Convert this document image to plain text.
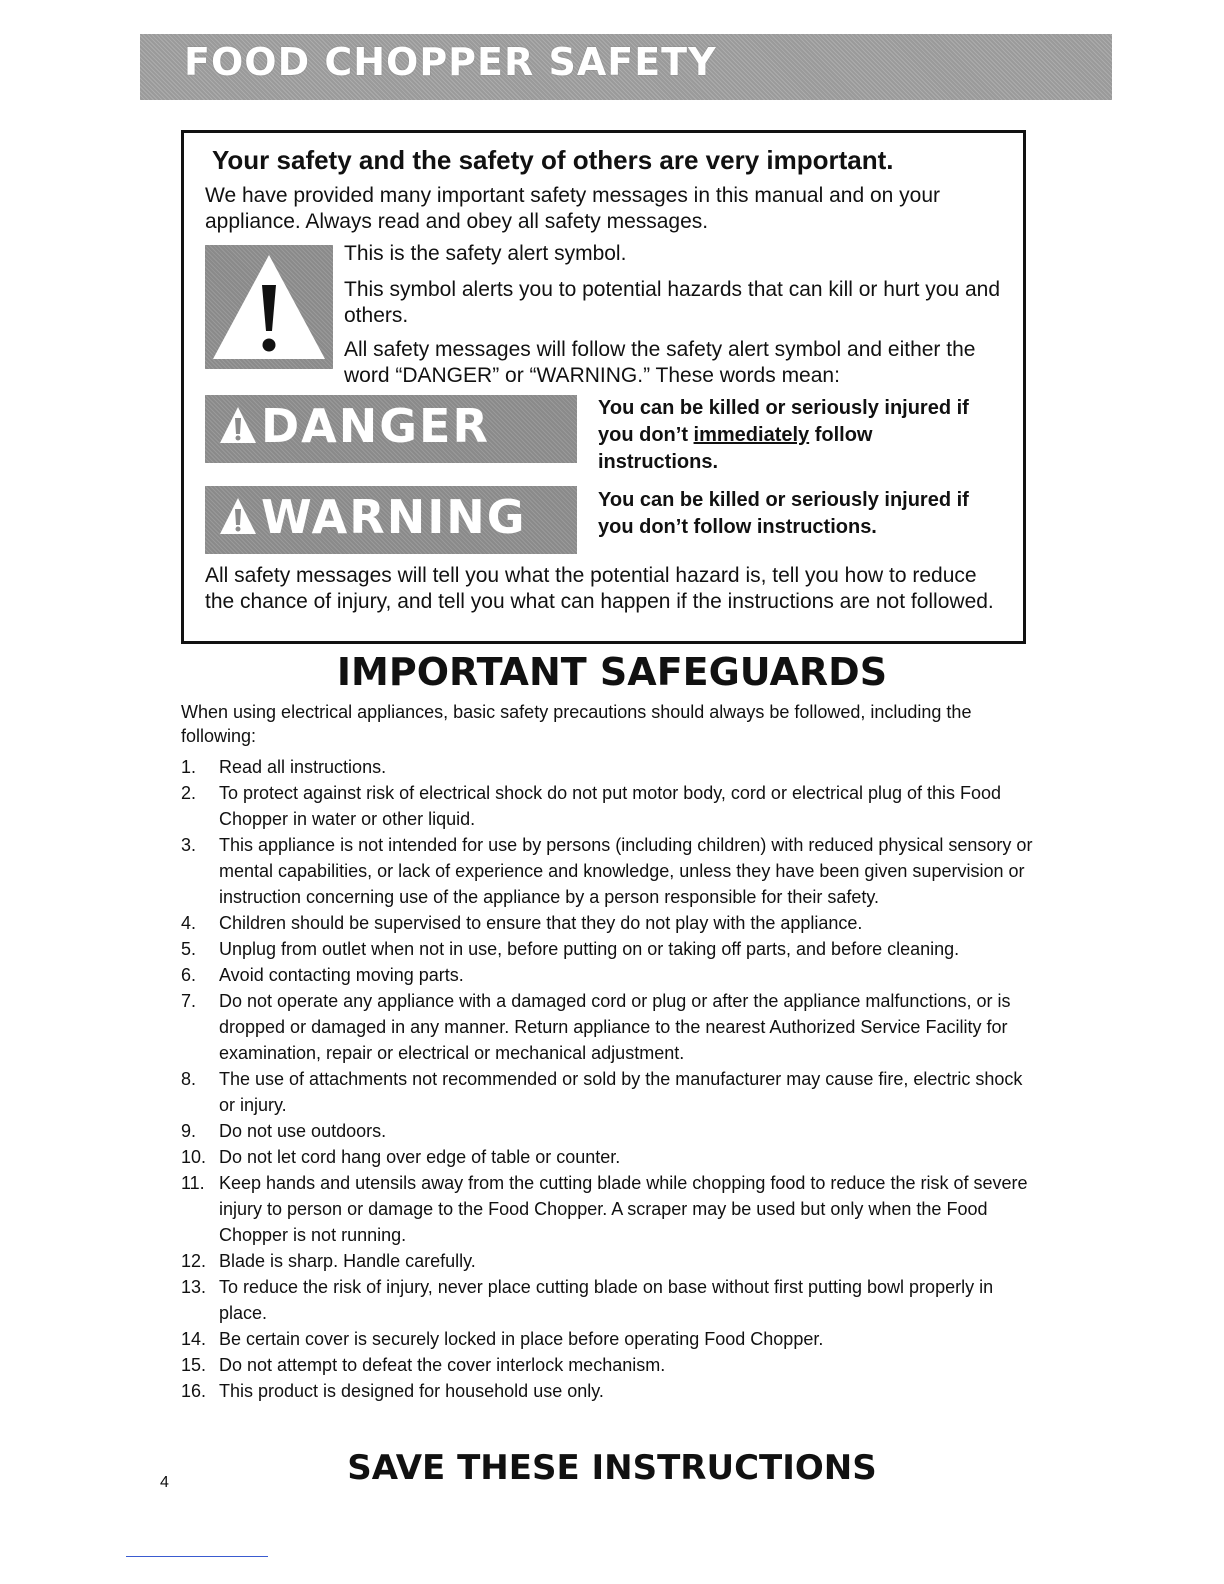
FOOD CHOPPER SAFETY
Your safety and the safety of others are very important.
We have provided many important safety messages in this manual and on your appliance. Always read and obey all safety messages.
This is the safety alert symbol.
This symbol alerts you to potential hazards that can kill or hurt you and others.
All safety messages will follow the safety alert symbol and either the word “DANGER” or “WARNING.” These words mean:
DANGER	You can be killed or seriously injured if you don’t immediately follow instructions.
WARNING	You can be killed or seriously injured if you don’t follow instructions.
All safety messages will tell you what the potential hazard is, tell you how to reduce the chance of injury, and tell you what can happen if the instructions are not followed.
IMPORTANT SAFEGUARDS
When using electrical appliances, basic safety precautions should always be followed, including the following:
1. Read all instructions.
2. To protect against risk of electrical shock do not put motor body, cord or electrical plug of this Food Chopper in water or other liquid.
3. This appliance is not intended for use by persons (including children) with reduced physical sensory or mental capabilities, or lack of experience and knowledge, unless they have been given supervision or instruction concerning use of the appliance by a person responsible for their safety.
4. Children should be supervised to ensure that they do not play with the appliance.
5. Unplug from outlet when not in use, before putting on or taking off parts, and before cleaning.
6. Avoid contacting moving parts.
7. Do not operate any appliance with a damaged cord or plug or after the appliance malfunctions, or is dropped or damaged in any manner. Return appliance to the nearest Authorized Service Facility for examination, repair or electrical or mechanical adjustment.
8. The use of attachments not recommended or sold by the manufacturer may cause fire, electric shock or injury.
9. Do not use outdoors.
10. Do not let cord hang over edge of table or counter.
11. Keep hands and utensils away from the cutting blade while chopping food to reduce the risk of severe injury to person or damage to the Food Chopper. A scraper may be used but only when the Food Chopper is not running.
12. Blade is sharp. Handle carefully.
13. To reduce the risk of injury, never place cutting blade on base without first putting bowl properly in place.
14. Be certain cover is securely locked in place before operating Food Chopper.
15. Do not attempt to defeat the cover interlock mechanism.
16. This product is designed for household use only.
SAVE THESE INSTRUCTIONS
4
